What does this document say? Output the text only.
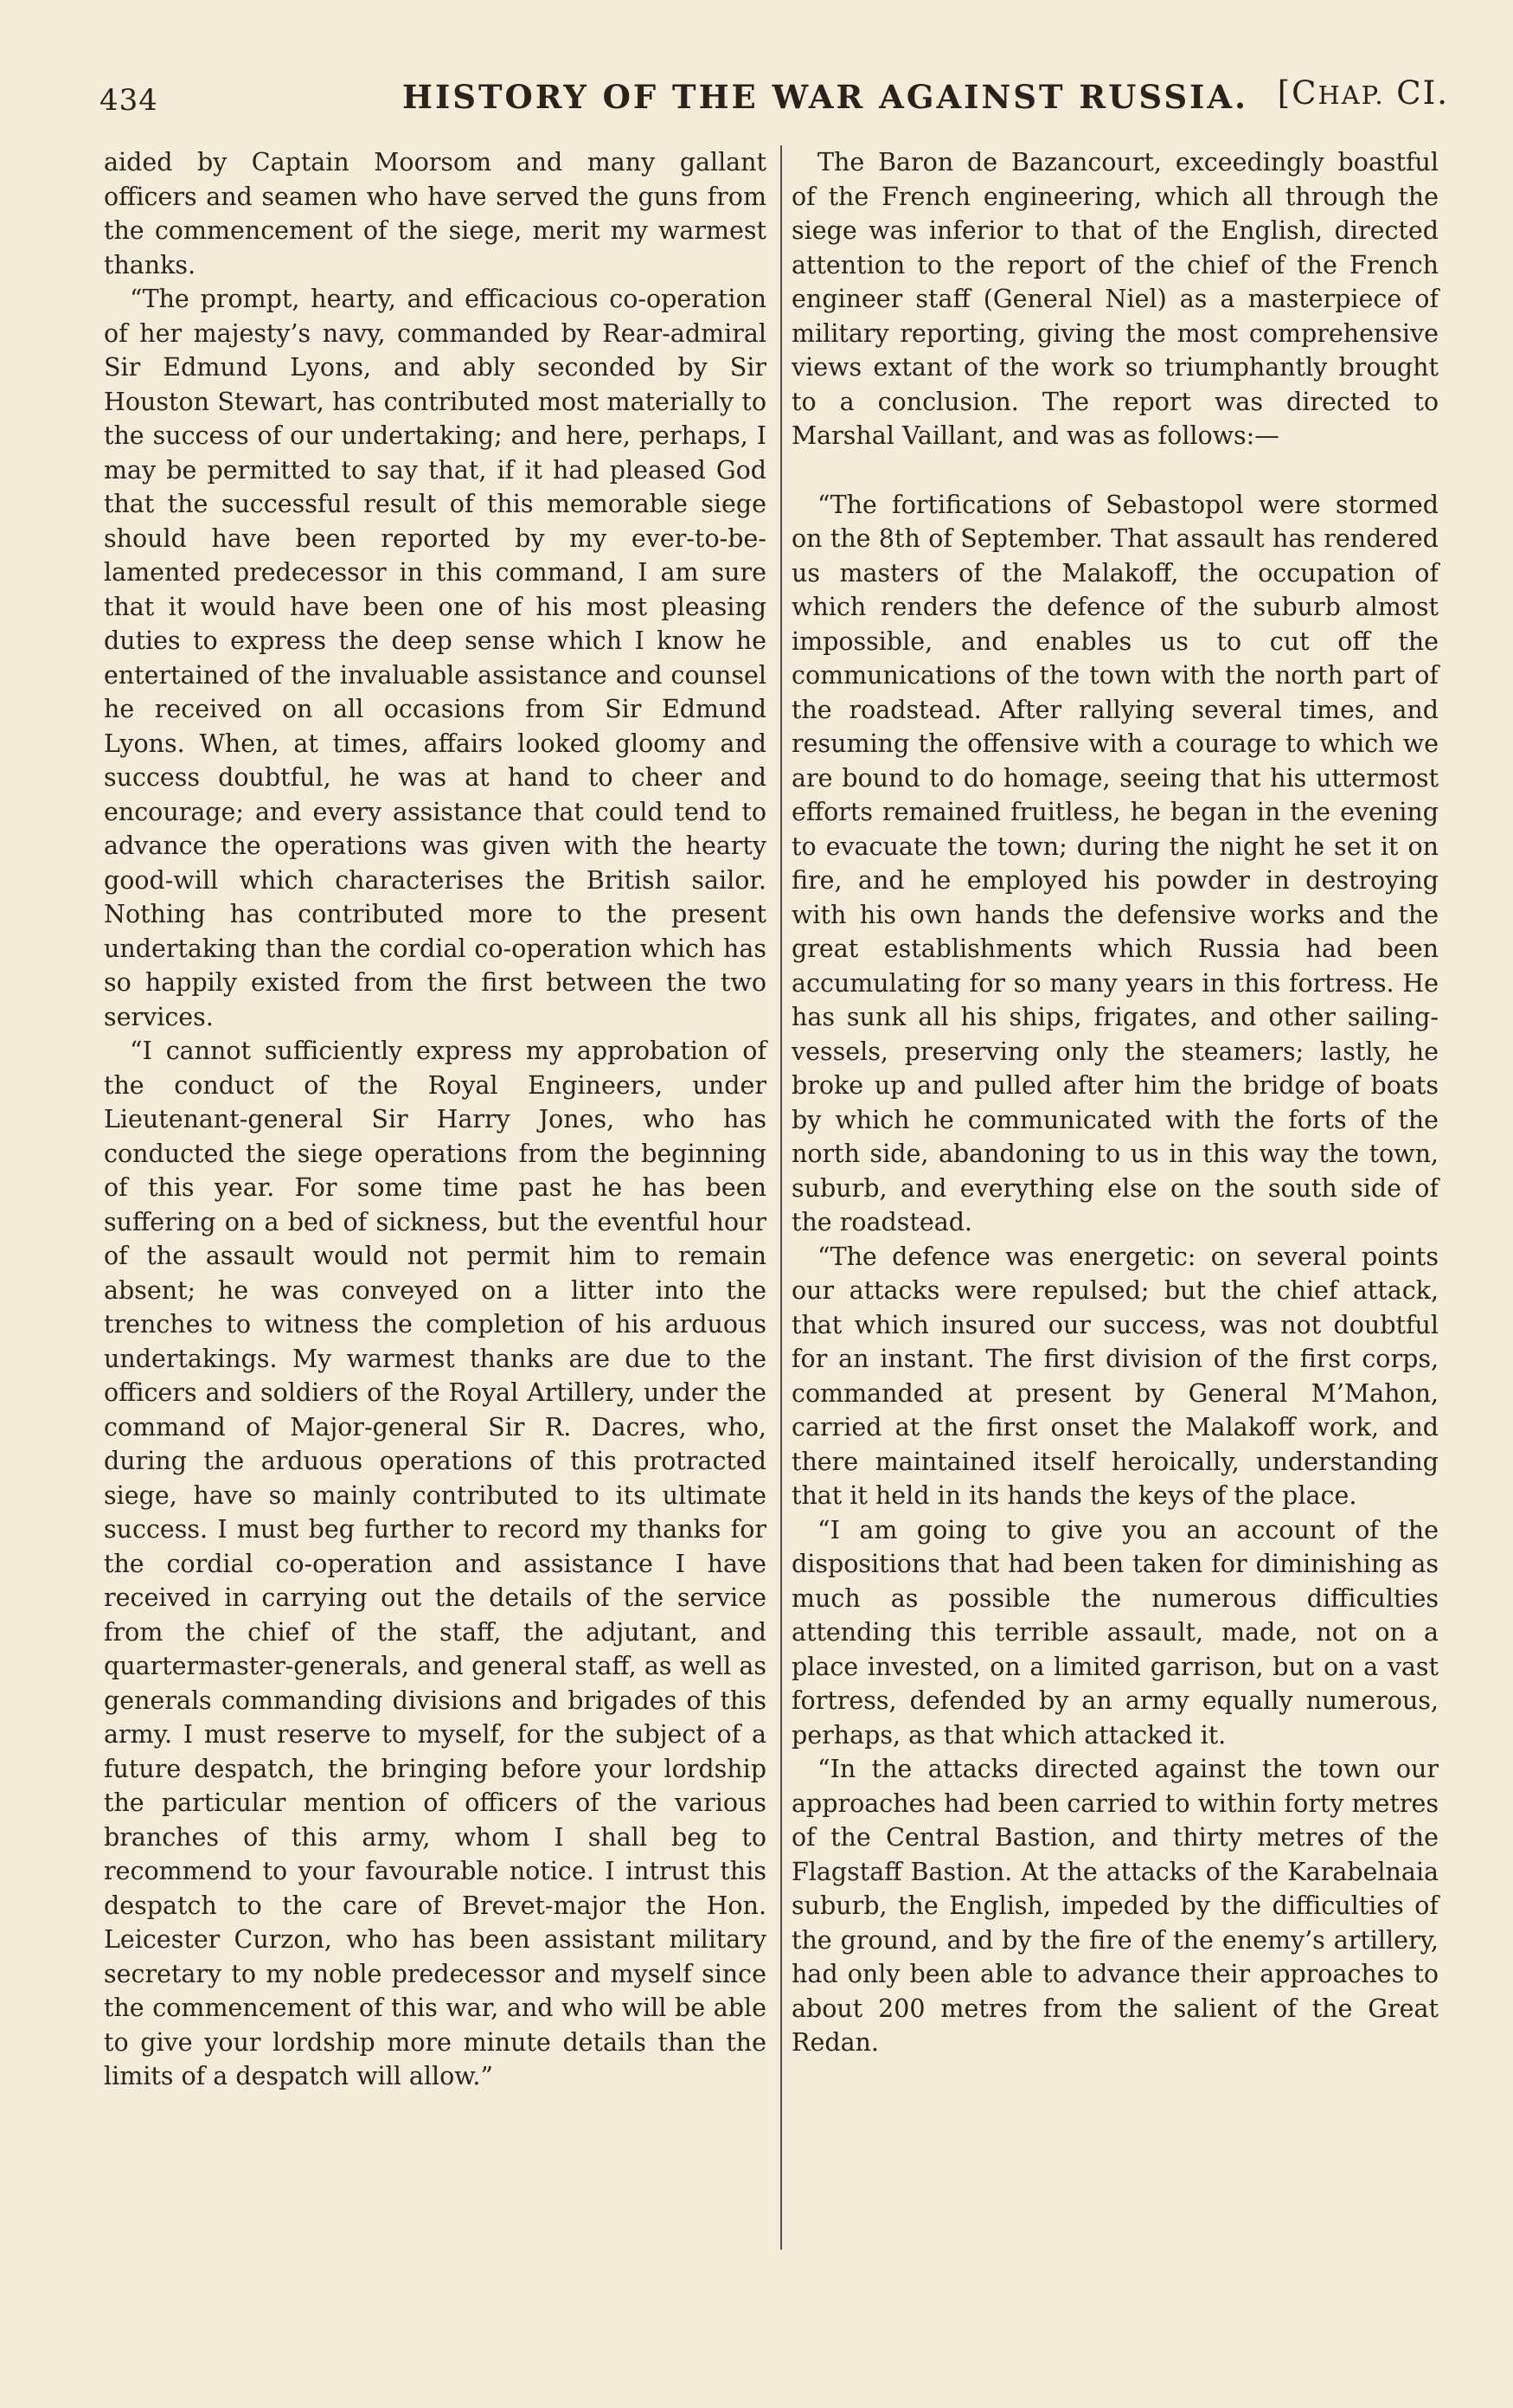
434	HISTORY OF THE WAR AGAINST RUSSIA. [CHAP. CI.

aided by Captain Moorsom and many gallant officers and seamen who have served the guns from the commencement of the siege, merit my warmest thanks.

“The prompt, hearty, and efficacious co-operation of her majesty’s navy, commanded by Rear-admiral Sir Edmund Lyons, and ably seconded by Sir Houston Stewart, has contributed most materially to the success of our undertaking; and here, perhaps, I may be permitted to say that, if it had pleased God that the successful result of this memorable siege should have been reported by my ever-to-be-lamented predecessor in this command, I am sure that it would have been one of his most pleasing duties to express the deep sense which I know he entertained of the invaluable assistance and counsel he received on all occasions from Sir Edmund Lyons. When, at times, affairs looked gloomy and success doubtful, he was at hand to cheer and encourage; and every assistance that could tend to advance the operations was given with the hearty good-will which characterises the British sailor. Nothing has contributed more to the present undertaking than the cordial co-operation which has so happily existed from the first between the two services.

“I cannot sufficiently express my approbation of the conduct of the Royal Engineers, under Lieutenant-general Sir Harry Jones, who has conducted the siege operations from the beginning of this year. For some time past he has been suffering on a bed of sickness, but the eventful hour of the assault would not permit him to remain absent; he was conveyed on a litter into the trenches to witness the completion of his arduous undertakings. My warmest thanks are due to the officers and soldiers of the Royal Artillery, under the command of Major-general Sir R. Dacres, who, during the arduous operations of this protracted siege, have so mainly contributed to its ultimate success. I must beg further to record my thanks for the cordial co-operation and assistance I have received in carrying out the details of the service from the chief of the staff, the adjutant, and quartermaster-generals, and general staff, as well as generals commanding divisions and brigades of this army. I must reserve to myself, for the subject of a future despatch, the bringing before your lordship the particular mention of officers of the various branches of this army, whom I shall beg to recommend to your favourable notice. I intrust this despatch to the care of Brevet-major the Hon. Leicester Curzon, who has been assistant military secretary to my noble predecessor and myself since the commencement of this war, and who will be able to give your lordship more minute details than the limits of a despatch will allow.”

The Baron de Bazancourt, exceedingly boastful of the French engineering, which all through the siege was inferior to that of the English, directed attention to the report of the chief of the French engineer staff (General Niel) as a masterpiece of military reporting, giving the most comprehensive views extant of the work so triumphantly brought to a conclusion. The report was directed to Marshal Vaillant, and was as follows:—

“The fortifications of Sebastopol were stormed on the 8th of September. That assault has rendered us masters of the Malakoff, the occupation of which renders the defence of the suburb almost impossible, and enables us to cut off the communications of the town with the north part of the roadstead. After rallying several times, and resuming the offensive with a courage to which we are bound to do homage, seeing that his uttermost efforts remained fruitless, he began in the evening to evacuate the town; during the night he set it on fire, and he employed his powder in destroying with his own hands the defensive works and the great establishments which Russia had been accumulating for so many years in this fortress. He has sunk all his ships, frigates, and other sailing-vessels, preserving only the steamers; lastly, he broke up and pulled after him the bridge of boats by which he communicated with the forts of the north side, abandoning to us in this way the town, suburb, and everything else on the south side of the roadstead.

“The defence was energetic: on several points our attacks were repulsed; but the chief attack, that which insured our success, was not doubtful for an instant. The first division of the first corps, commanded at present by General M’Mahon, carried at the first onset the Malakoff work, and there maintained itself heroically, understanding that it held in its hands the keys of the place.

“I am going to give you an account of the dispositions that had been taken for diminishing as much as possible the numerous difficulties attending this terrible assault, made, not on a place invested, on a limited garrison, but on a vast fortress, defended by an army equally numerous, perhaps, as that which attacked it.

“In the attacks directed against the town our approaches had been carried to within forty metres of the Central Bastion, and thirty metres of the Flagstaff Bastion. At the attacks of the Karabelnaia suburb, the English, impeded by the difficulties of the ground, and by the fire of the enemy’s artillery, had only been able to advance their approaches to about 200 metres from the salient of the Great Redan.
